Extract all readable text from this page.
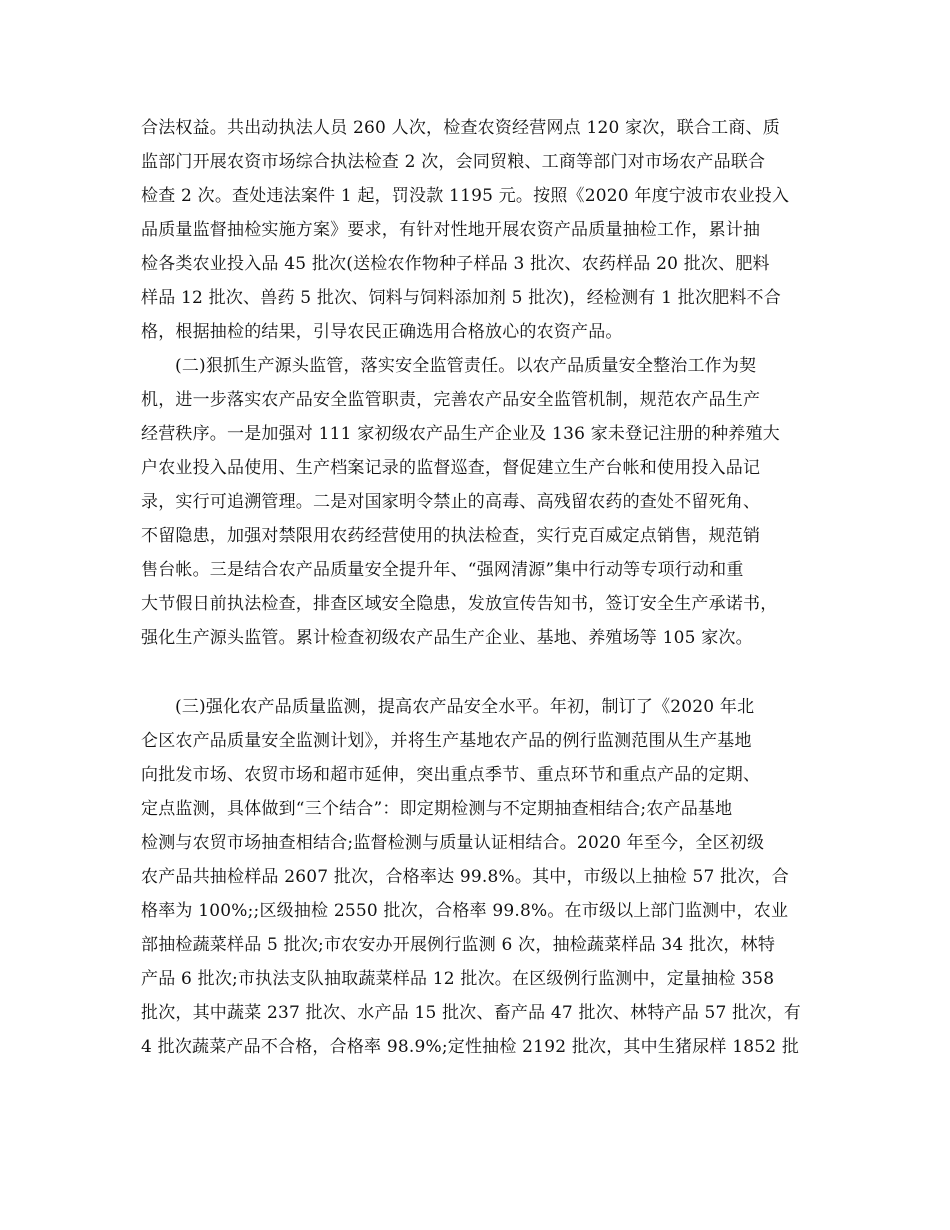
合法权益。共出动执法人员 260 人次，检查农资经营网点 120 家次，联合工商、质
监部门开展农资市场综合执法检查 2 次，会同贸粮、工商等部门对市场农产品联合
检查 2 次。查处违法案件 1 起，罚没款 1195 元。按照《2020 年度宁波市农业投入
品质量监督抽检实施方案》要求，有针对性地开展农资产品质量抽检工作，累计抽
检各类农业投入品 45 批次(送检农作物种子样品 3 批次、农药样品 20 批次、肥料
样品 12 批次、兽药 5 批次、饲料与饲料添加剂 5 批次)，经检测有 1 批次肥料不合
格，根据抽检的结果，引导农民正确选用合格放心的农资产品。
(二)狠抓生产源头监管，落实安全监管责任。以农产品质量安全整治工作为契
机，进一步落实农产品安全监管职责，完善农产品安全监管机制，规范农产品生产
经营秩序。一是加强对 111 家初级农产品生产企业及 136 家未登记注册的种养殖大
户农业投入品使用、生产档案记录的监督巡查，督促建立生产台帐和使用投入品记
录，实行可追溯管理。二是对国家明令禁止的高毒、高残留农药的查处不留死角、
不留隐患，加强对禁限用农药经营使用的执法检查，实行克百威定点销售，规范销
售台帐。三是结合农产品质量安全提升年、“强网清源”集中行动等专项行动和重
大节假日前执法检查，排查区域安全隐患，发放宣传告知书，签订安全生产承诺书，
强化生产源头监管。累计检查初级农产品生产企业、基地、养殖场等 105 家次。
(三)强化农产品质量监测，提高农产品安全水平。年初，制订了《2020 年北
仑区农产品质量安全监测计划》，并将生产基地农产品的例行监测范围从生产基地
向批发市场、农贸市场和超市延伸，突出重点季节、重点环节和重点产品的定期、
定点监测，具体做到“三个结合”：即定期检测与不定期抽查相结合;农产品基地
检测与农贸市场抽查相结合;监督检测与质量认证相结合。2020 年至今，全区初级
农产品共抽检样品 2607 批次，合格率达 99.8%。其中，市级以上抽检 57 批次，合
格率为 100%;;区级抽检 2550 批次，合格率 99.8%。在市级以上部门监测中，农业
部抽检蔬菜样品 5 批次;市农安办开展例行监测 6 次，抽检蔬菜样品 34 批次，林特
产品 6 批次;市执法支队抽取蔬菜样品 12 批次。在区级例行监测中，定量抽检 358
批次，其中蔬菜 237 批次、水产品 15 批次、畜产品 47 批次、林特产品 57 批次，有
4 批次蔬菜产品不合格，合格率 98.9%;定性抽检 2192 批次，其中生猪尿样 1852 批
